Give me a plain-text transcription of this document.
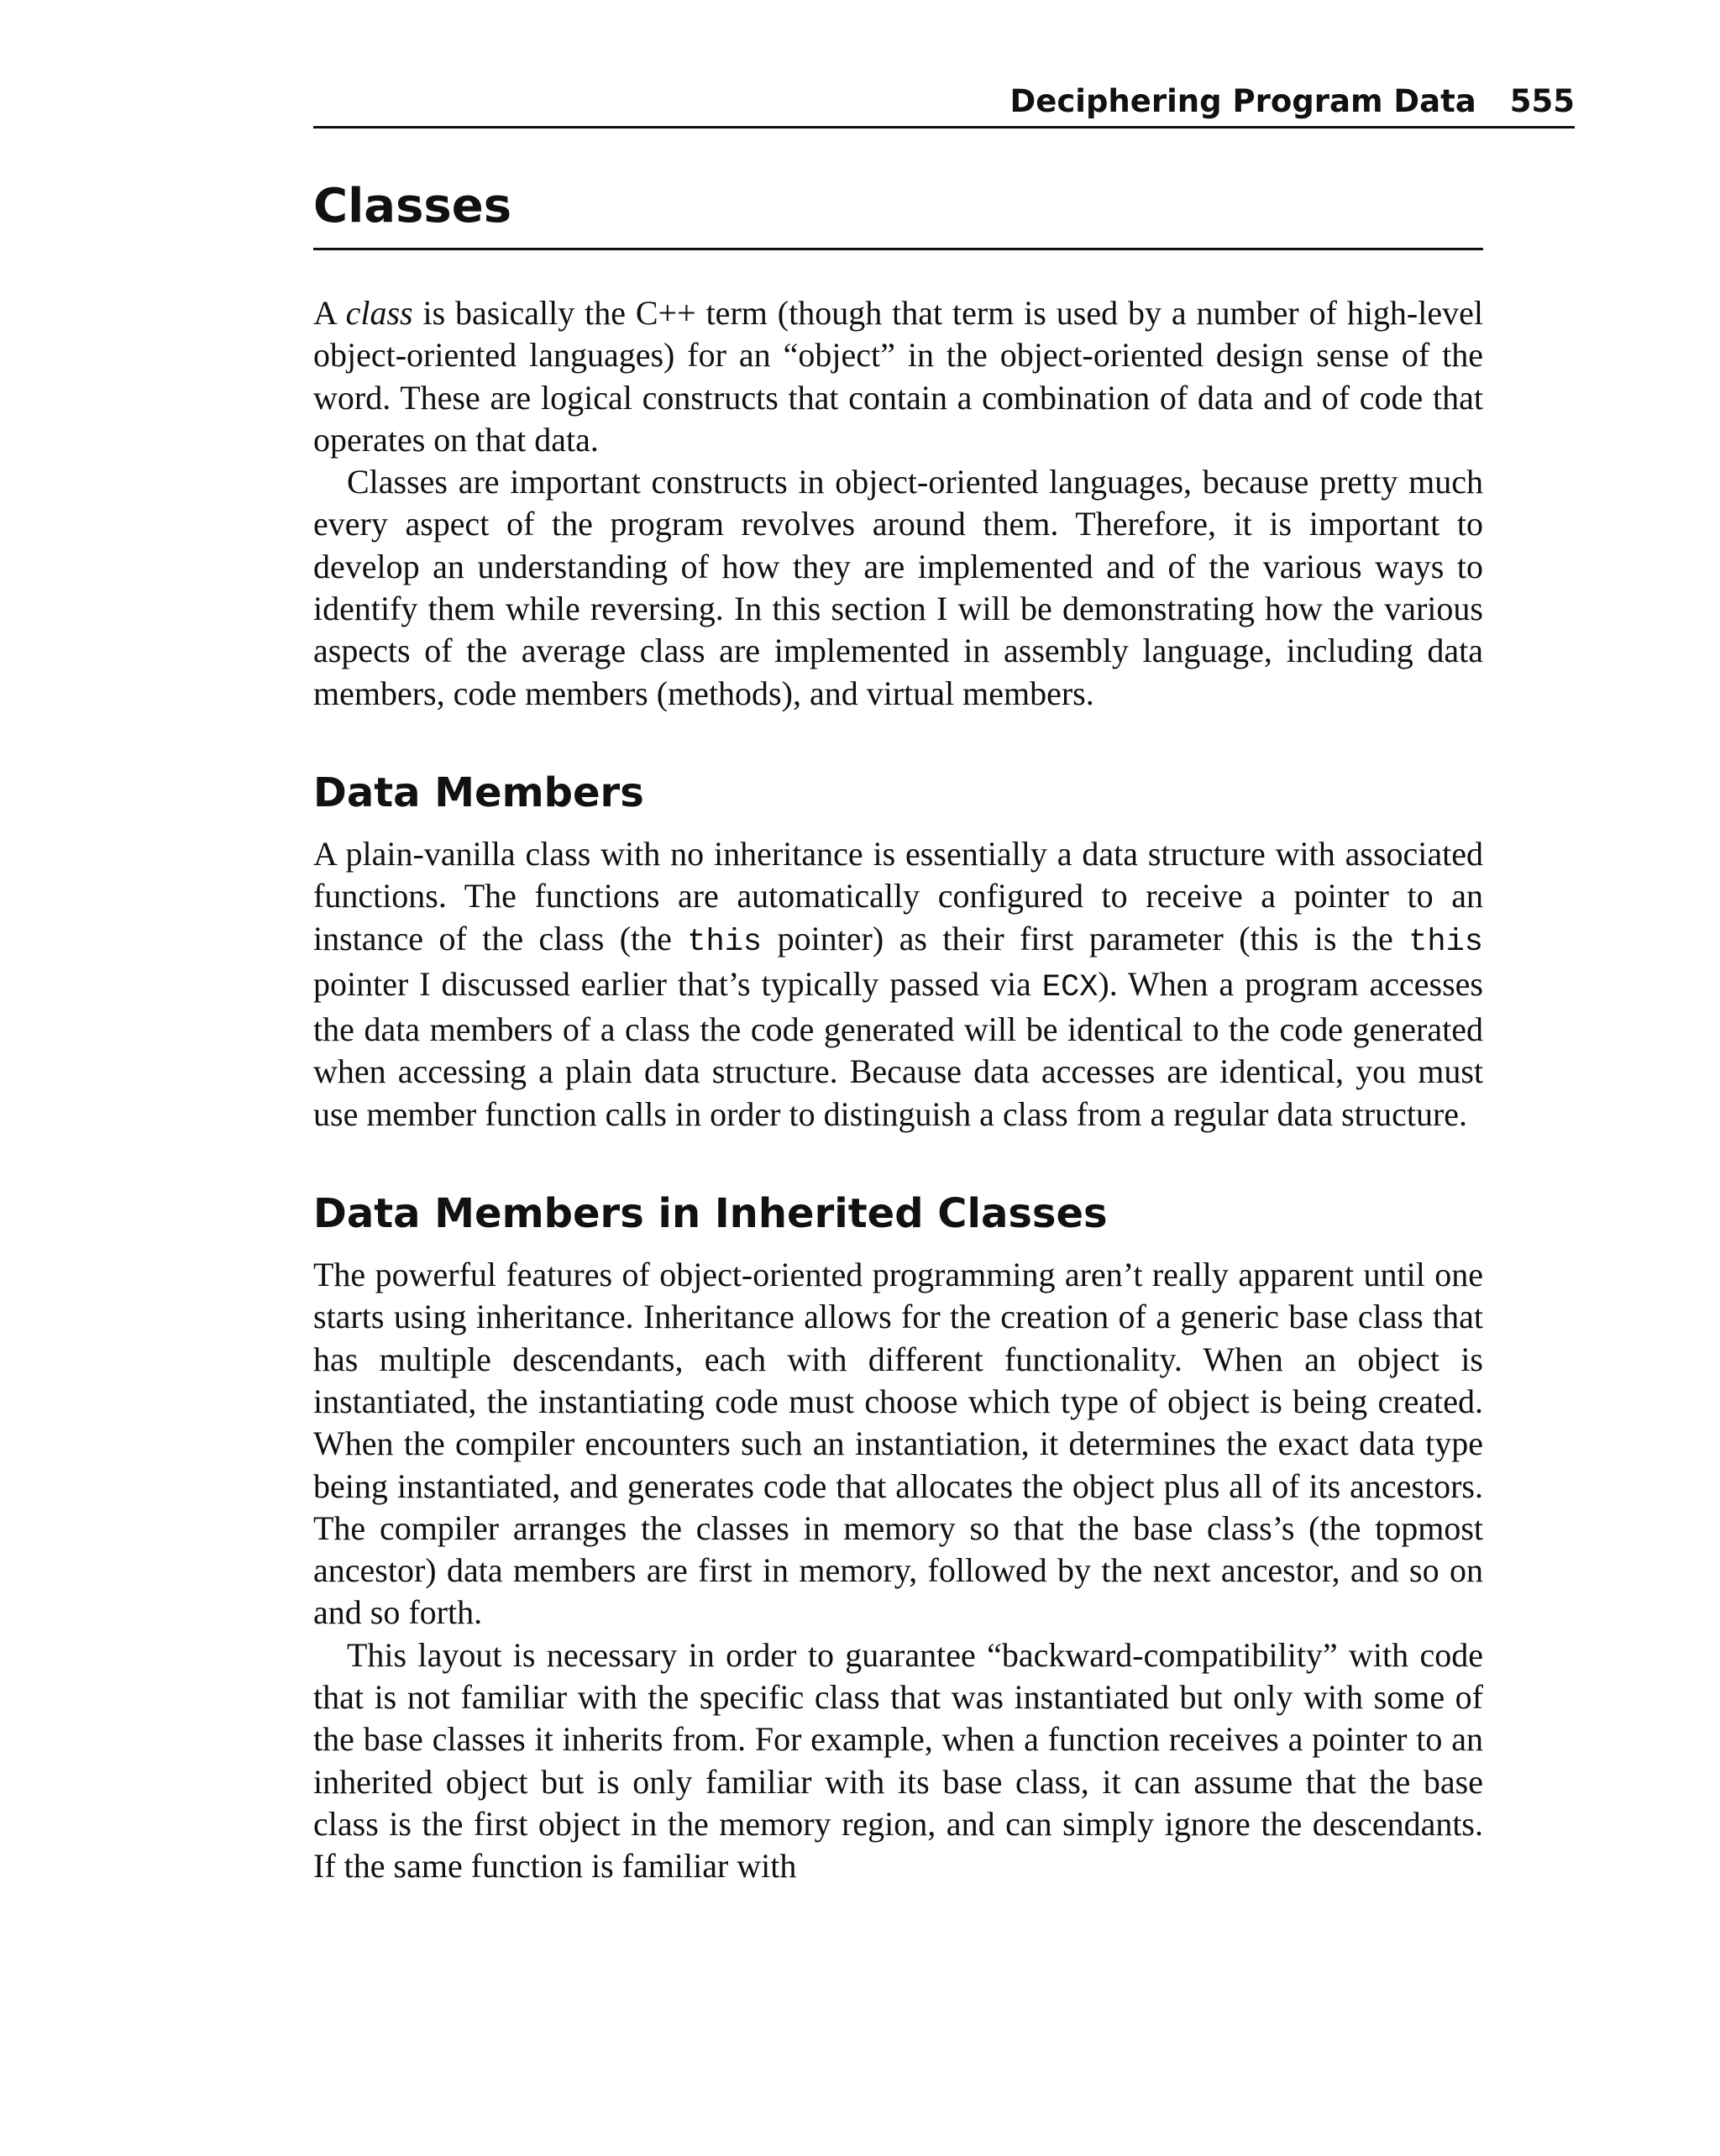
Deciphering Program Data 555
Classes

A class is basically the C++ term (though that term is used by a number of high-level object-oriented languages) for an “object” in the object-oriented design sense of the word. These are logical constructs that contain a combination of data and of code that operates on that data.

Classes are important constructs in object-oriented languages, because pretty much every aspect of the program revolves around them. Therefore, it is important to develop an understanding of how they are implemented and of the various ways to identify them while reversing. In this section I will be demonstrating how the various aspects of the average class are implemented in assembly language, including data members, code members (methods), and virtual members.

Data Members

A plain-vanilla class with no inheritance is essentially a data structure with associated functions. The functions are automatically configured to receive a pointer to an instance of the class (the this pointer) as their first parameter (this is the this pointer I discussed earlier that’s typically passed via ECX). When a program accesses the data members of a class the code generated will be identical to the code generated when accessing a plain data structure. Because data accesses are identical, you must use member function calls in order to distinguish a class from a regular data structure.

Data Members in Inherited Classes

The powerful features of object-oriented programming aren’t really apparent until one starts using inheritance. Inheritance allows for the creation of a generic base class that has multiple descendants, each with different functionality. When an object is instantiated, the instantiating code must choose which type of object is being created. When the compiler encounters such an instantiation, it determines the exact data type being instantiated, and generates code that allocates the object plus all of its ancestors. The compiler arranges the classes in memory so that the base class’s (the topmost ancestor) data members are first in memory, followed by the next ancestor, and so on and so forth.

This layout is necessary in order to guarantee “backward-compatibility” with code that is not familiar with the specific class that was instantiated but only with some of the base classes it inherits from. For example, when a function receives a pointer to an inherited object but is only familiar with its base class, it can assume that the base class is the first object in the memory region, and can simply ignore the descendants. If the same function is familiar with
